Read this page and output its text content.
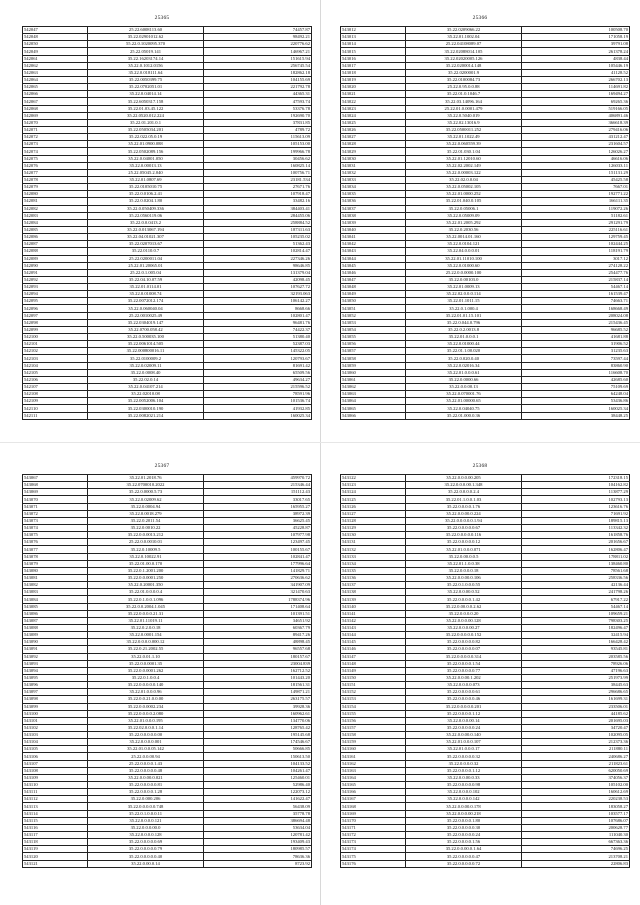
25365
542047	25.22.6008113.60	74457.87
542048	35.22.02901012.62	98492.21
542050	55.22.0.1020095.370	220776.62
542049	25.22.05019.141	146967.21
542061	35.22.16203174.14	151615.94
542062	35.22.0.1012.0156	256745.54
542063	35.22.0.018111.64	182862.18
542064	35.22.0050399.75	104155.69
542065	35.22.0702051.01	221792.78
542066	35.22.0.04014.14	44365.31
542067	35.22.6050317.158	47593.74
542068	35.22.01.03.45.122	53376.78
542069	35.22.0520.012.224	192690.70
542070	35.22.01.201.0.1	37831.85
542071	35.22.0505034.201	4789.72
542072	35.22.022.05.0.19	115613.09
542073	35.22.01.0900.088	105153.00
542074	35.22.0502089.156	199966.78
542075	35.22.0.04001.050	30456.62
542076	35.22.0.00013.13	160825.14
542077	25.22.05045.2.040	100756.71
542078	35.22.01.0807.69	23181.534
542079	35.22.0105010.75	27671.76
542080	35.22.0.0106.2.41	107918.47
542081	35.22.0.0204.1.80	33482.16
542082	35.22.0.050409.336	384403.41
542083	35.22.0560119.06	284455.06
542084	35.22.0.0.0413.2	258884.52
542085	35.22.0.013067.194	187311.63
542086	35.22.04.01021.307	105235.02
542087	35.22.0207013.67	51362.43
542088	35.22.0110.0.7	102814.47
542089	25.22.0200011.04	227346.26
542090	25.22.01.20065.01	98646.85
542091	25.22.0.1.005.04	131379.04
542092	35.22.04.10.07.59	42098.45
542093	35.22.01.0114.01	107627.72
542094	35.22.0.01008.74	32193.063
542095	35.22.0072012.174	106142.27
542096	35.22.0.060040.04	8668.66
542097	25.22.0010025.49	102801.47
542098	35.22.0304019.147	96481.76
542099	35.22.0700.058.42	74422.37
542100	35.22.0.500035.100	51380.40
542101	35.22.0061014.505	52387.03
542102	35.22.000800016.11	145322.05
542103	35.22.0100009.2	120793.67
542104	35.22.0.02009.11	81691.42
542105	35.22.0.0008.40	65509.56
542106	35.22.02.0.14	49634.27
542107	35.22.0.04107.214	215596.52
542108	35.22.02010.08	78591.96
542109	35.22.0052006.104	101536.74
542110	35.22.0300010.190	41932.85
542111	35.22.0082021.214	160025.34
25366
543012	35.22.0209066.22	100508.70
543013	35.22.01.1002.04	171058.19
543014	25.22.04108089.07	39791.08
543015	35.22.02088014.105	261378.24
543016	35.22.02020005.126	4838.44
543017	35.22.0200014.148	105446.19
543018	35.22.0200001.9	41128.52
543019	35.22.0100084.73	266702.13
543020	25.22.0.95.0.0.88	114691.82
543021	35.22.01.0.1046.7	169494.27
543022	35.22.03.14096.164	69265.36
543023	25.22.01.0.0001.479	519166.05
543024	35.22.0.5040.019	406891.46
543025	35.22.02.13016.9	366618.39
543026	35.22.0500011.252	279416.06
543027	35.22.01.1022.49	431212.47
543028	35.22.0.060559.39	231604.57
543029	35.22.01.030.1.04	126026.27
543030	35.22.01.12010.60	46616.06
543031	35.22.02.2002.149	126033.11
543032	35.22.0.00003.122	151131.29
543033	35.22.02.0.0.04	45425.58
543034	35.22.0.05002.105	7667.01
543035	35.22.01.0000.252	192771.22
543036	35.22.01.040.0.105	166111.35
543037	35.22.0.05006.1	119072.26
543038	35.22.0.05009.09	51182.61
543039	35.22.01.2005.292	291291.79
543040	35.22.0.2030.56	225116.61
543041	35.22.0014.01.160	129759.45
543042	35.22.0.0104.121	102444.25
543043	35.22.04.0.0.0.01	118191.79
543044	35.22.01.11010.100	3017.12
543045	35.22.0.01000.60	274128.22
543046	25.22.0.0.0000.100	254477.76
543047	35.22.0.00103.0	215837.14
543048	35.22.01.0009.13	54467.14
543049	35.22.02.0.0.0.114	161539.47
543050	35.22.01.1011.15	74663.71
543051	35.22.0.1.000.4	168668.49
543052	35.22.01.01.15.101	208024.08
543053	35.22.0.044.0.796	215436.45
543054	35.22.0.2.0013.8	96685.52
543055	35.22.01.0.0.0.1	41681.88
543056	35.22.0.01000.44	31906.52
543057	35.22.01.1.00.020	31235.63
543058	35.22.0.020.0.40	73597.44
543059	35.22.0.02016.34	83860.90
543060	35.22.01.0.0.0.61	116608.70
543061	35.22.0.0000.66	42685.60
543062	35.22.0.0.00.13	75109.69
543063	35.22.0.070001.76	64248.04
543064	35.22.01.00000.65	53436.86
543065	35.22.0.04040.75	160025.34
543066	35.22.01.000.0.36	38448.25
25367
543067	35.22.01.2018.76	459970.72
543068	35.22.0700010.2022	215346.44
543069	35.22.0.0000.5.73	151112.43
543070	35.22.0.02009.62	33017.65
543071	35.22.0.0004.94	165955.27
543072	35.22.0.0018.279	38972.39
543073	35.22.0.2011.54	36625.45
543074	35.22.0.0010.22	45228.87
543075	35.22.0.0.0013.212	107977.98
543076	25.22.0.0.0010.01	123497.45
543077	35.22.0.10009.5	100155.67
543078	35.22.0.10022.91	102841.47
543079	35.22.01.00.0.170	177996.64
543080	35.22.0.1.2001.200	141829.71
543081	35.22.0.0.0001.250	270636.62
543082	35.22.0.20001.350	341907.09
543083	35.22.01.0.0.0.0.4	321470.63
543084	35.22.0.1.0.0.1.096	1788374.96
543085	35.22.0.0.2004.1.045	171408.64
543086	35.22.0.0.0.0.21.31	101391.51
543087	35.22.01.11019.11	34651.92
543088	35.22.0.2.0.0.18	60367.79
543089	35.22.0.0001.154	89417.26
543090	35.22.0.0.0.0.000.12	48898.45
543091	35.22.0.21.2002.55	96557.68
543092	35.22.0.01.1.10	180157.67
543093	35.22.0.0.0001.35	23004.839
543094	35.22.0.0.0001.262	162712.52
543095	35.22.0.1.0.0.4	101443.20
543096	35.22.0.0.0.0.0.140	181561.31
543097	35.22.01.0.0.0.96	149871.21
543098	35.22.0.0.21.0.0.00	263175.57
543099	35.22.0.0.0002.234	39928.36
543100	35.22.0.0.0.0.2.080	160962.61
543101	35.22.01.0.0.0.195	134770.06
543102	35.22.02.0.0.0.1.14	128765.42
543103	35.22.0.0.0.0.0.00	195145.68
543104	35.22.0.0.0.0.001	174546.67
543105	35.22.01.0.0.05.142	50666.85
543106	25.22.0.0.00.94	150613.50
543107	25.22.0.0.0.0.1.43	104133.52
543108	35.22.0.0.0.0.0.48	104261.47
543109	35.22.0.0.00.0.021	125460.01
543110	35.22.0.0.0.0.0.81	52986.40
543111	35.22.0.0.0.0.1.28	122073.12
543112	35.22.0.000.206	141622.47
543113	35.22.0.0.0.0.0.748	56438.09
543114	35.22.0.1.0.0.0.11	35778.78
543115	35.22.0.0.0.0.121	386694.48
543116	35.22.0.0.0.00.0	53634.04
543117	35.22.0.0.0.0.128	120781.42
543118	35.22.0.0.0.0.0.69	193409.43
543119	35.22.0.0.0.0.0.79	180985.57
543120	35.22.0.0.0.0.0.40	78636.36
543121	35.22.0.00.0.14	8723.92
25368
543122	35.22.0.0.0.00.205	172318.15
543123	35.22.0.0.0.00.1.348	104162.82
543124	35.22.0.0.0.0.2.4	113877.29
543125	35.22.01.1.0.0.1.03	102793.13
543126	35.22.0.0.0.0.1.76	123616.76
543127	35.22.0.0.00.0.224	71691.92
543128	35.22.0.0.0.0.0.1.94	189815.13
543129	35.22.0.0.0.0.0.67	113342.32
543130	35.22.0.0.0.0.0.116	161858.76
543131	35.22.0.0.0.0.0.12	201656.67
543132	35.22.01.0.0.0.071	162806.47
543133	35.22.0.00.0.0.5	178811.02
543134	35.22.01.1.0.0.38	138460.80
543135	35.22.0.0.0.0.18	78561.68
543136	35.22.0.0.00.0.106	258336.56
543137	35.22.0.1.0.0.0.55	42136.44
543138	35.22.0.0.00.0.52	241798.26
543139	35.22.0.0.0.0.1.42	67917.22
543140	35.22.0.00.0.0.2.62	54467.14
543141	35.22.0.0.0.0.20	109659.21
543142	35.22.0.0.0.00.128	798303.25
543143	35.22.0.0.0.00.27	182496.47
543144	35.22.0.0.0.0.0.152	32415.94
543145	35.22.0.0.0.0.0.82	166428.42
543146	35.22.0.0.0.0.0.07	93545.81
543147	35.22.0.0.0.0.0.314	203585.56
543148	35.22.0.0.0.0.1.54	78926.06
543149	35.22.0.0.0.0.0.77	47196.63
543150	35.22.0.0.00.1.202	251973.99
543151	35.22.0.0.0.0.073	38445.63
543152	35.22.0.0.0.0.0.61	296686.65
543153	35.22.0.0.0.0.0.46	161699.31
543154	35.22.0.0.0.0.0.201	233506.01
543155	35.22.0.0.0.0.1.12	44185.62
543156	35.22.0.0.0.00.14	201695.03
543157	35.22.0.0.0.0.0.24	34720.47
543158	35.22.0.0.00.0.140	102095.05
543159	35.22.01.0.0.0.107	212373.36
543160	35.22.01.0.0.0.17	211880.11
543161	35.22.0.0.0.0.0.32	240686.27
543162	35.22.0.0.0.0.32	211823.61
543163	35.22.0.0.0.0.1.12	620050.69
543164	35.22.0.0.00.0.33	374056.37
543165	35.22.0.0.0.0.0.98	105102.00
543166	35.22.0.0.0.0.102	160612.69
543167	35.22.0.0.0.0.142	220238.53
543168	35.22.0.0.00.0.178	183058.27
543169	35.22.0.0.0.00.218	103577.17
543170	35.22.0.0.0.0.1.80	107686.07
543171	35.22.0.0.0.0.0.30	200628.77
543172	35.22.0.0.0.0.0.24	111040.30
543173	35.22.0.0.0.0.1.56	667363.36
543174	35.22.0.0.00.0.1.64	74696.25
543175	35.22.0.0.0.0.0.47	213708.21
543176	35.22.0.0.0.0.0.72	22806.83
